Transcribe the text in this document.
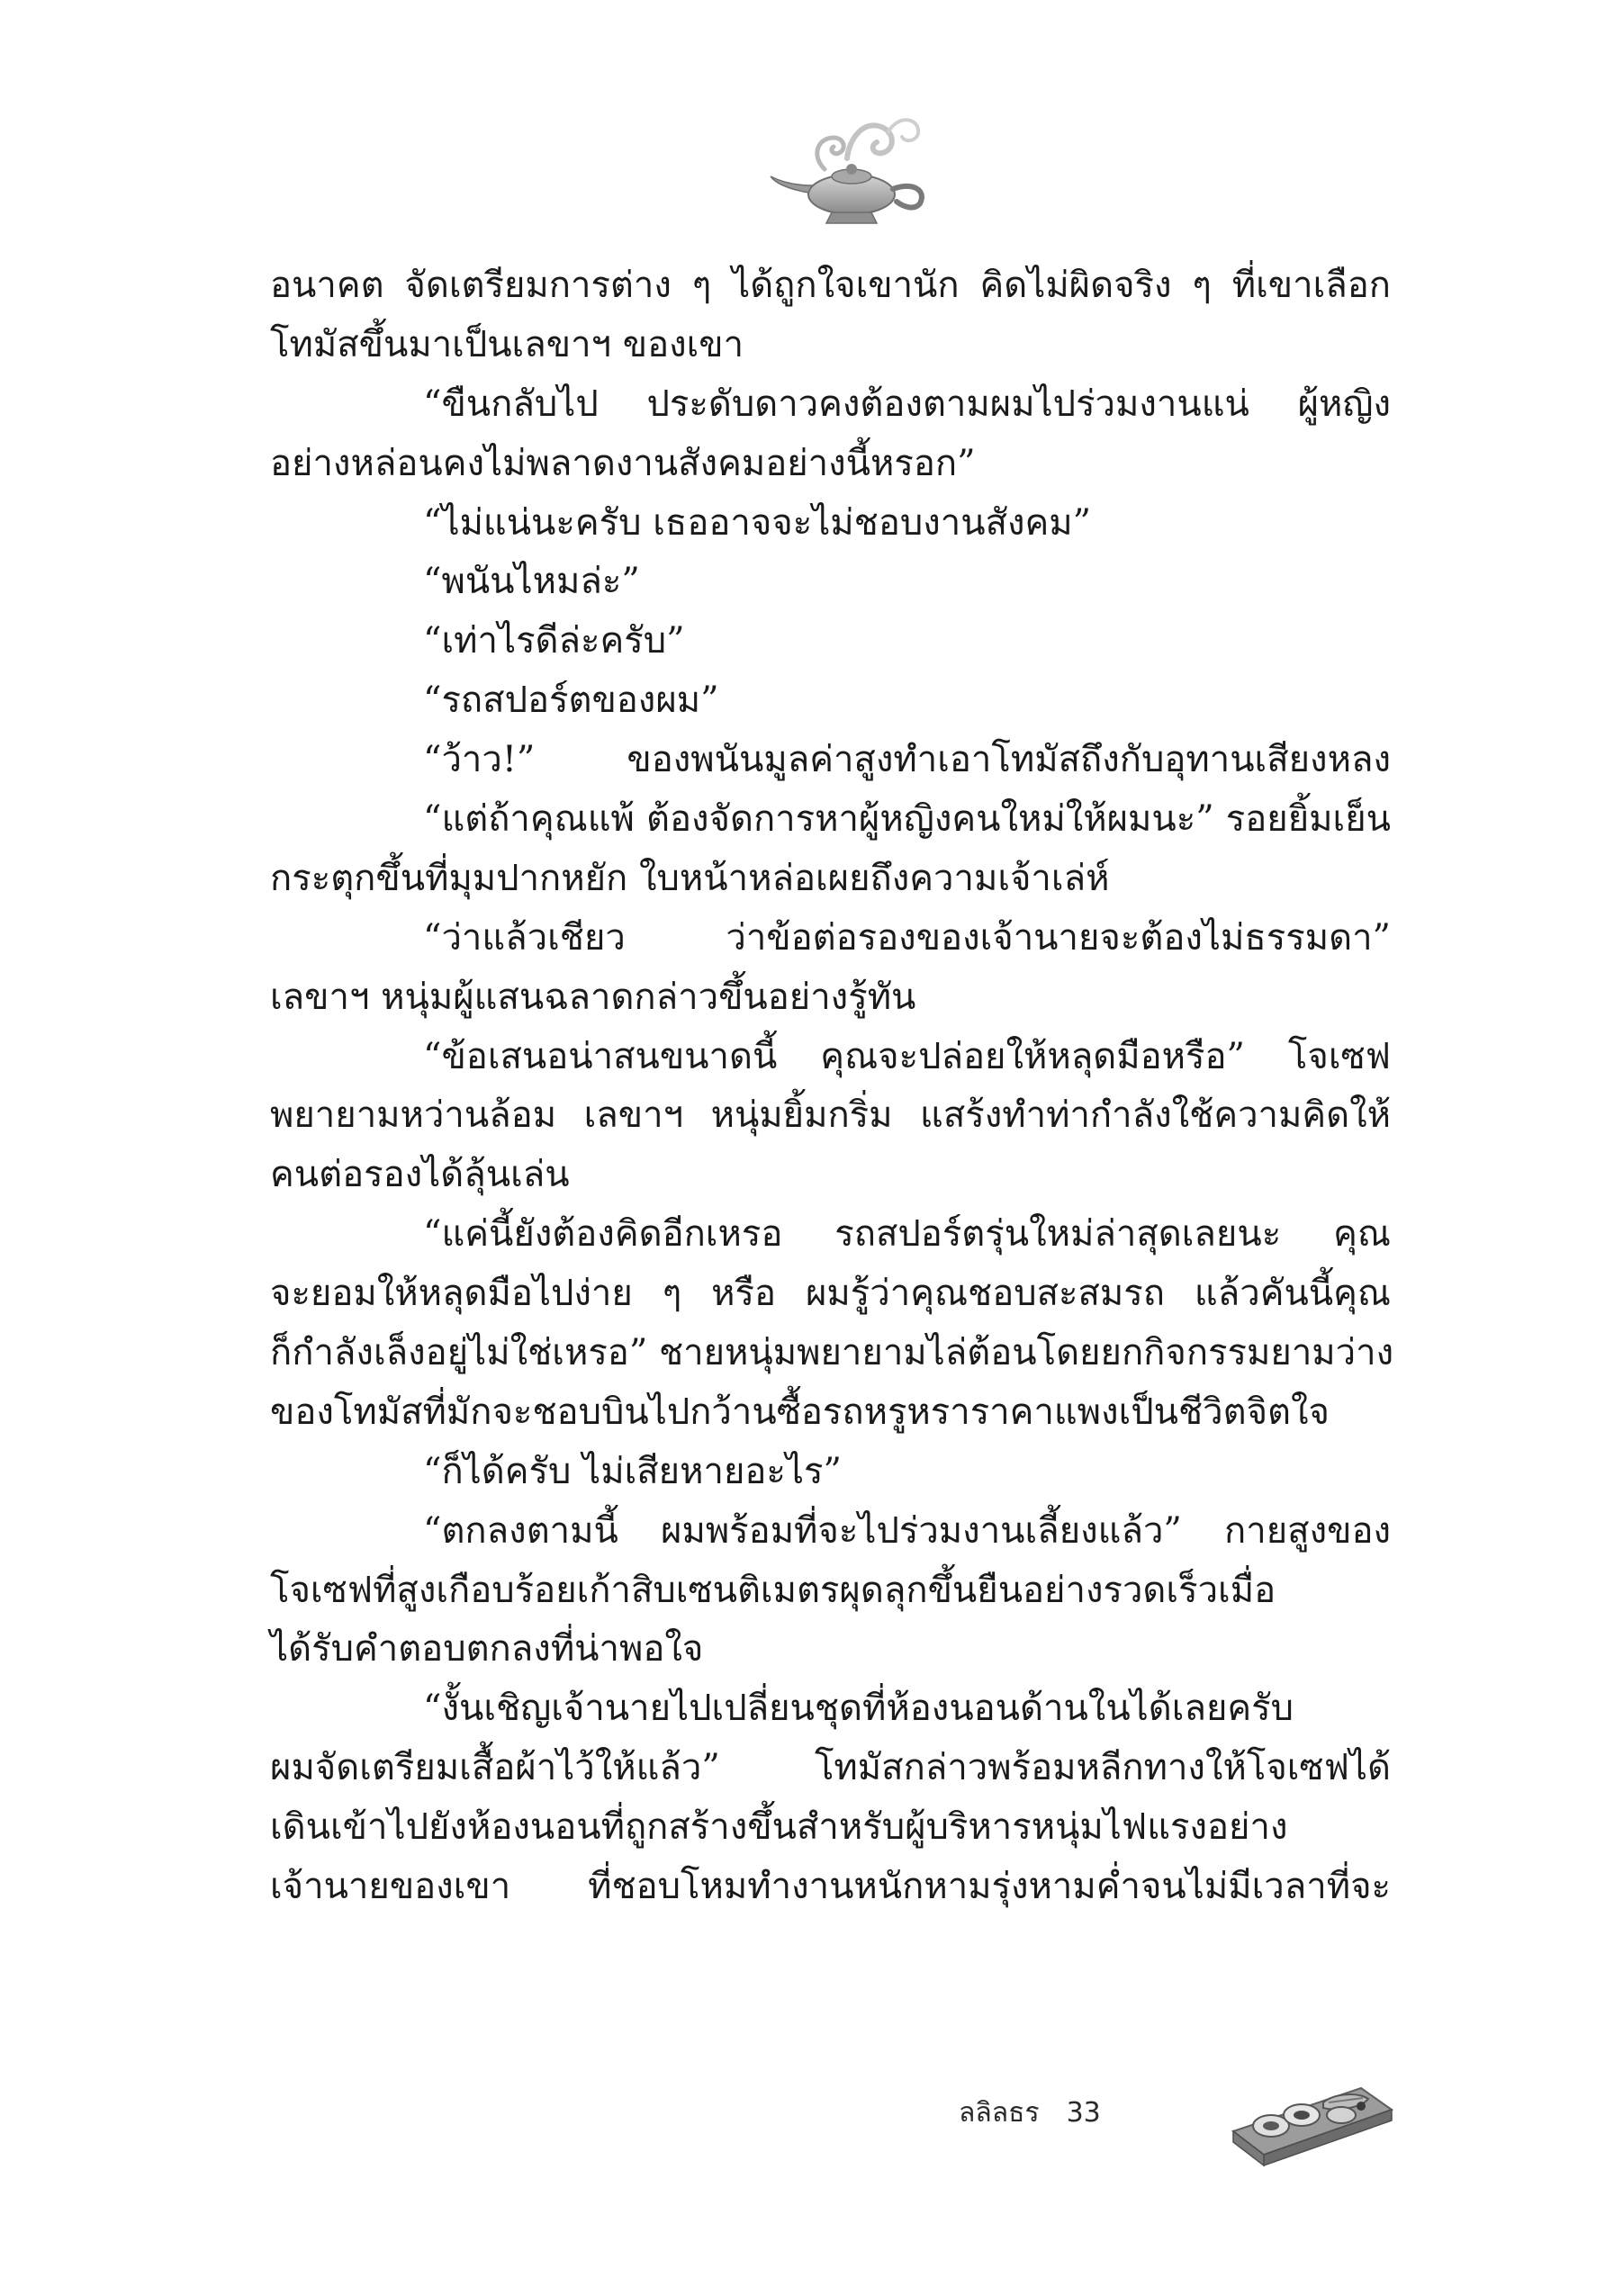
อนาคต จัดเตรียมการต่าง ๆ ได้ถูกใจเขานัก คิดไม่ผิดจริง ๆ ที่เขาเลือก
โทมัสขึ้นมาเป็นเลขาฯ ของเขา
“ขืนกลับไป ประดับดาวคงต้องตามผมไปร่วมงานแน่ ผู้หญิง
อย่างหล่อนคงไม่พลาดงานสังคมอย่างนี้หรอก”
“ไม่แน่นะครับ เธออาจจะไม่ชอบงานสังคม”
“พนันไหมล่ะ”
“เท่าไรดีล่ะครับ”
“รถสปอร์ตของผม”
“ว้าว!” ของพนันมูลค่าสูงทำเอาโทมัสถึงกับอุทานเสียงหลง
“แต่ถ้าคุณแพ้ ต้องจัดการหาผู้หญิงคนใหม่ให้ผมนะ” รอยยิ้มเย็น
กระตุกขึ้นที่มุมปากหยัก ใบหน้าหล่อเผยถึงความเจ้าเล่ห์
“ว่าแล้วเชียว ว่าข้อต่อรองของเจ้านายจะต้องไม่ธรรมดา”
เลขาฯ หนุ่มผู้แสนฉลาดกล่าวขึ้นอย่างรู้ทัน
“ข้อเสนอน่าสนขนาดนี้ คุณจะปล่อยให้หลุดมือหรือ” โจเซฟ
พยายามหว่านล้อม เลขาฯ หนุ่มยิ้มกริ่ม แสร้งทำท่ากำลังใช้ความคิดให้
คนต่อรองได้ลุ้นเล่น
“แค่นี้ยังต้องคิดอีกเหรอ รถสปอร์ตรุ่นใหม่ล่าสุดเลยนะ คุณ
จะยอมให้หลุดมือไปง่าย ๆ หรือ ผมรู้ว่าคุณชอบสะสมรถ แล้วคันนี้คุณ
ก็กำลังเล็งอยู่ไม่ใช่เหรอ” ชายหนุ่มพยายามไล่ต้อนโดยยกกิจกรรมยามว่าง
ของโทมัสที่มักจะชอบบินไปกว้านซื้อรถหรูหราราคาแพงเป็นชีวิตจิตใจ
“ก็ได้ครับ ไม่เสียหายอะไร”
“ตกลงตามนี้ ผมพร้อมที่จะไปร่วมงานเลี้ยงแล้ว” กายสูงของ
โจเซฟที่สูงเกือบร้อยเก้าสิบเซนติเมตรผุดลุกขึ้นยืนอย่างรวดเร็วเมื่อ
ได้รับคำตอบตกลงที่น่าพอใจ
“งั้นเชิญเจ้านายไปเปลี่ยนชุดที่ห้องนอนด้านในได้เลยครับ
ผมจัดเตรียมเสื้อผ้าไว้ให้แล้ว” โทมัสกล่าวพร้อมหลีกทางให้โจเซฟได้
เดินเข้าไปยังห้องนอนที่ถูกสร้างขึ้นสำหรับผู้บริหารหนุ่มไฟแรงอย่าง
เจ้านายของเขา ที่ชอบโหมทำงานหนักหามรุ่งหามค่ำจนไม่มีเวลาที่จะ
ลลิลธร 33
